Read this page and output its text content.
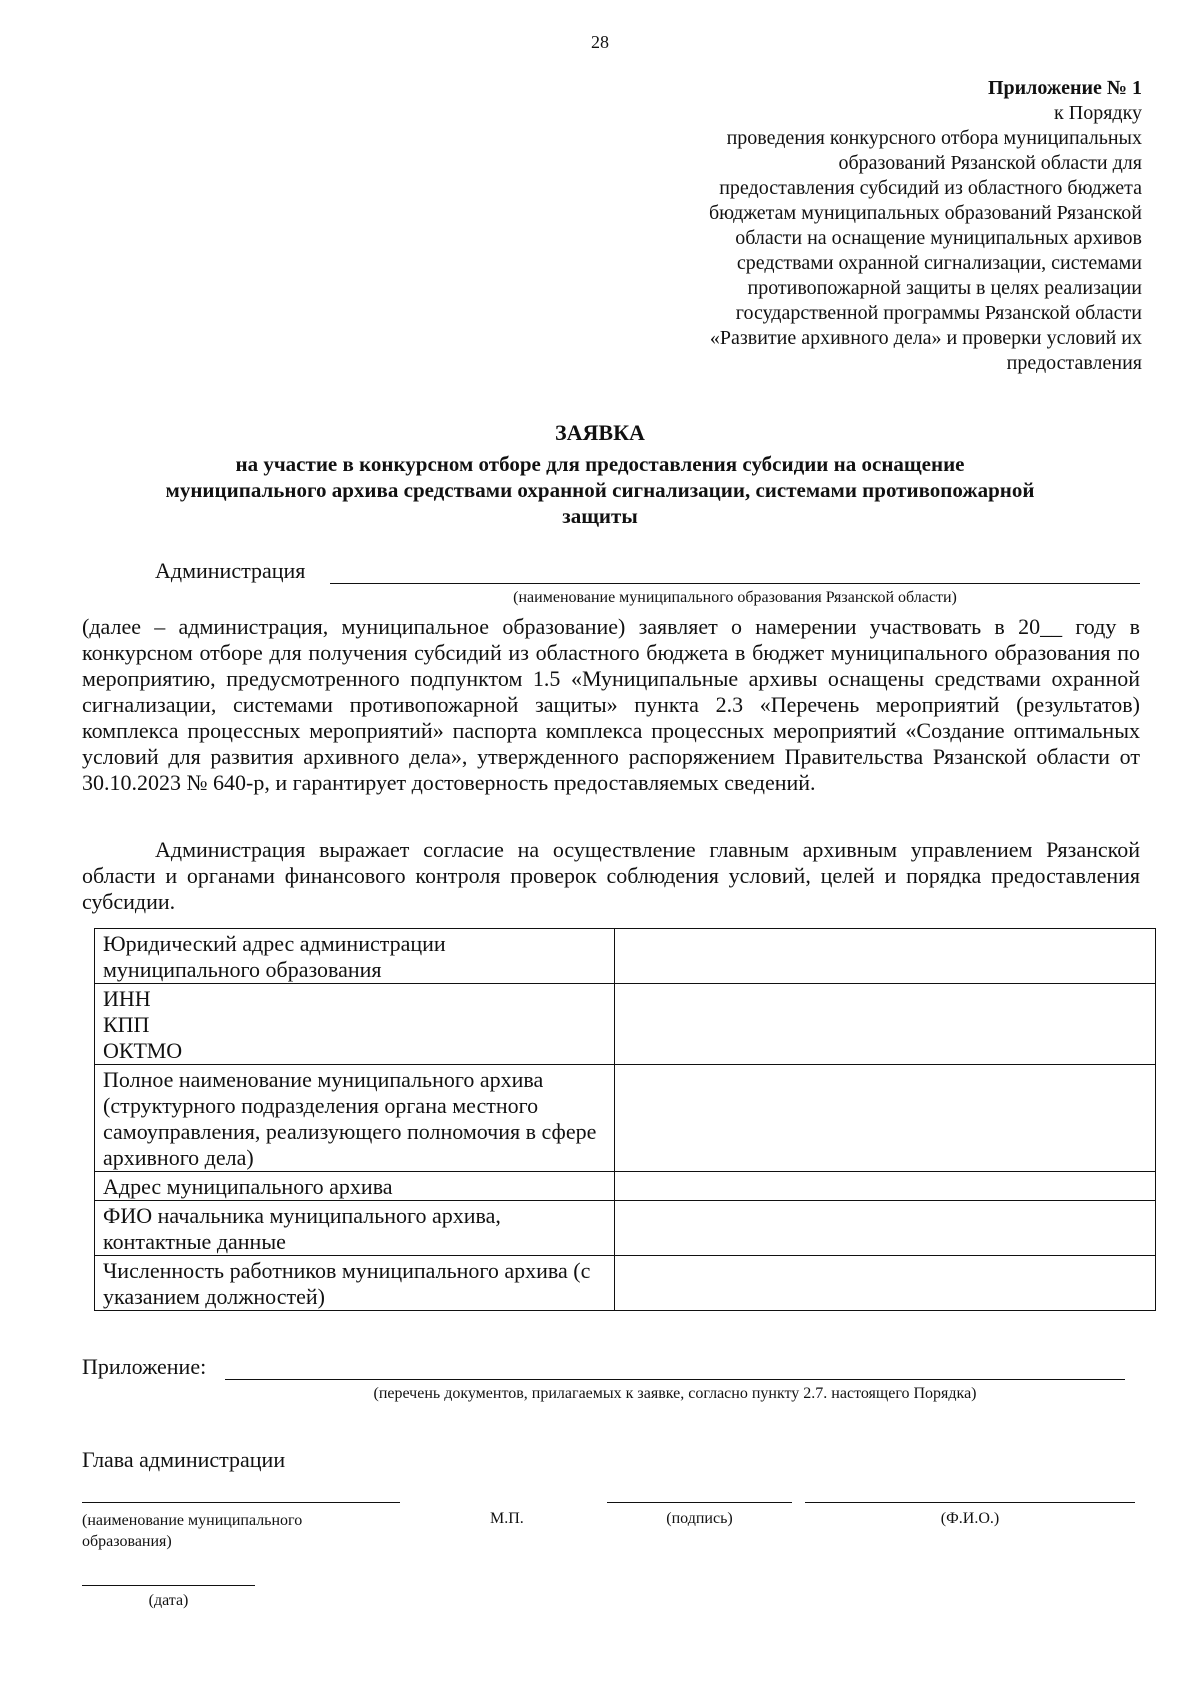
28
Приложение № 1
к Порядку
проведения конкурсного отбора муниципальных
образований Рязанской области для
предоставления субсидий из областного бюджета
бюджетам муниципальных образований Рязанской
области на оснащение муниципальных архивов
средствами охранной сигнализации, системами
противопожарной защиты в целях реализации
государственной программы Рязанской области
«Развитие архивного дела» и проверки условий их
предоставления
ЗАЯВКА
на участие в конкурсном отборе для предоставления субсидии на оснащение
муниципального архива средствами охранной сигнализации, системами противопожарной
защиты
Администрация
(наименование муниципального образования Рязанской области)
(далее – администрация, муниципальное образование) заявляет о намерении участвовать в 20__ году в конкурсном отборе для получения субсидий из областного бюджета в бюджет муниципального образования по мероприятию, предусмотренного подпунктом 1.5 «Муниципальные архивы оснащены средствами охранной сигнализации, системами противопожарной защиты» пункта 2.3 «Перечень мероприятий (результатов) комплекса процессных мероприятий» паспорта комплекса процессных мероприятий «Создание оптимальных условий для развития архивного дела», утвержденного распоряжением Правительства Рязанской области от 30.10.2023 № 640-р, и гарантирует достоверность предоставляемых сведений.
Администрация выражает согласие на осуществление главным архивным управлением Рязанской области и органами финансового контроля проверок соблюдения условий, целей и порядка предоставления субсидии.
Юридический адрес администрации
муниципального образования	
ИНН
КПП
ОКТМО	
Полное наименование муниципального архива (структурного подразделения органа местного самоуправления, реализующего полномочия в сфере архивного дела)	
Адрес муниципального архива	
ФИО начальника муниципального архива, контактные данные	
Численность работников муниципального архива (с указанием должностей)	
Приложение:
(перечень документов, прилагаемых к заявке, согласно пункту 2.7. настоящего Порядка)
Глава администрации
(наименование муниципального образования)
М.П.	(подпись)	(Ф.И.О.)
(дата)
